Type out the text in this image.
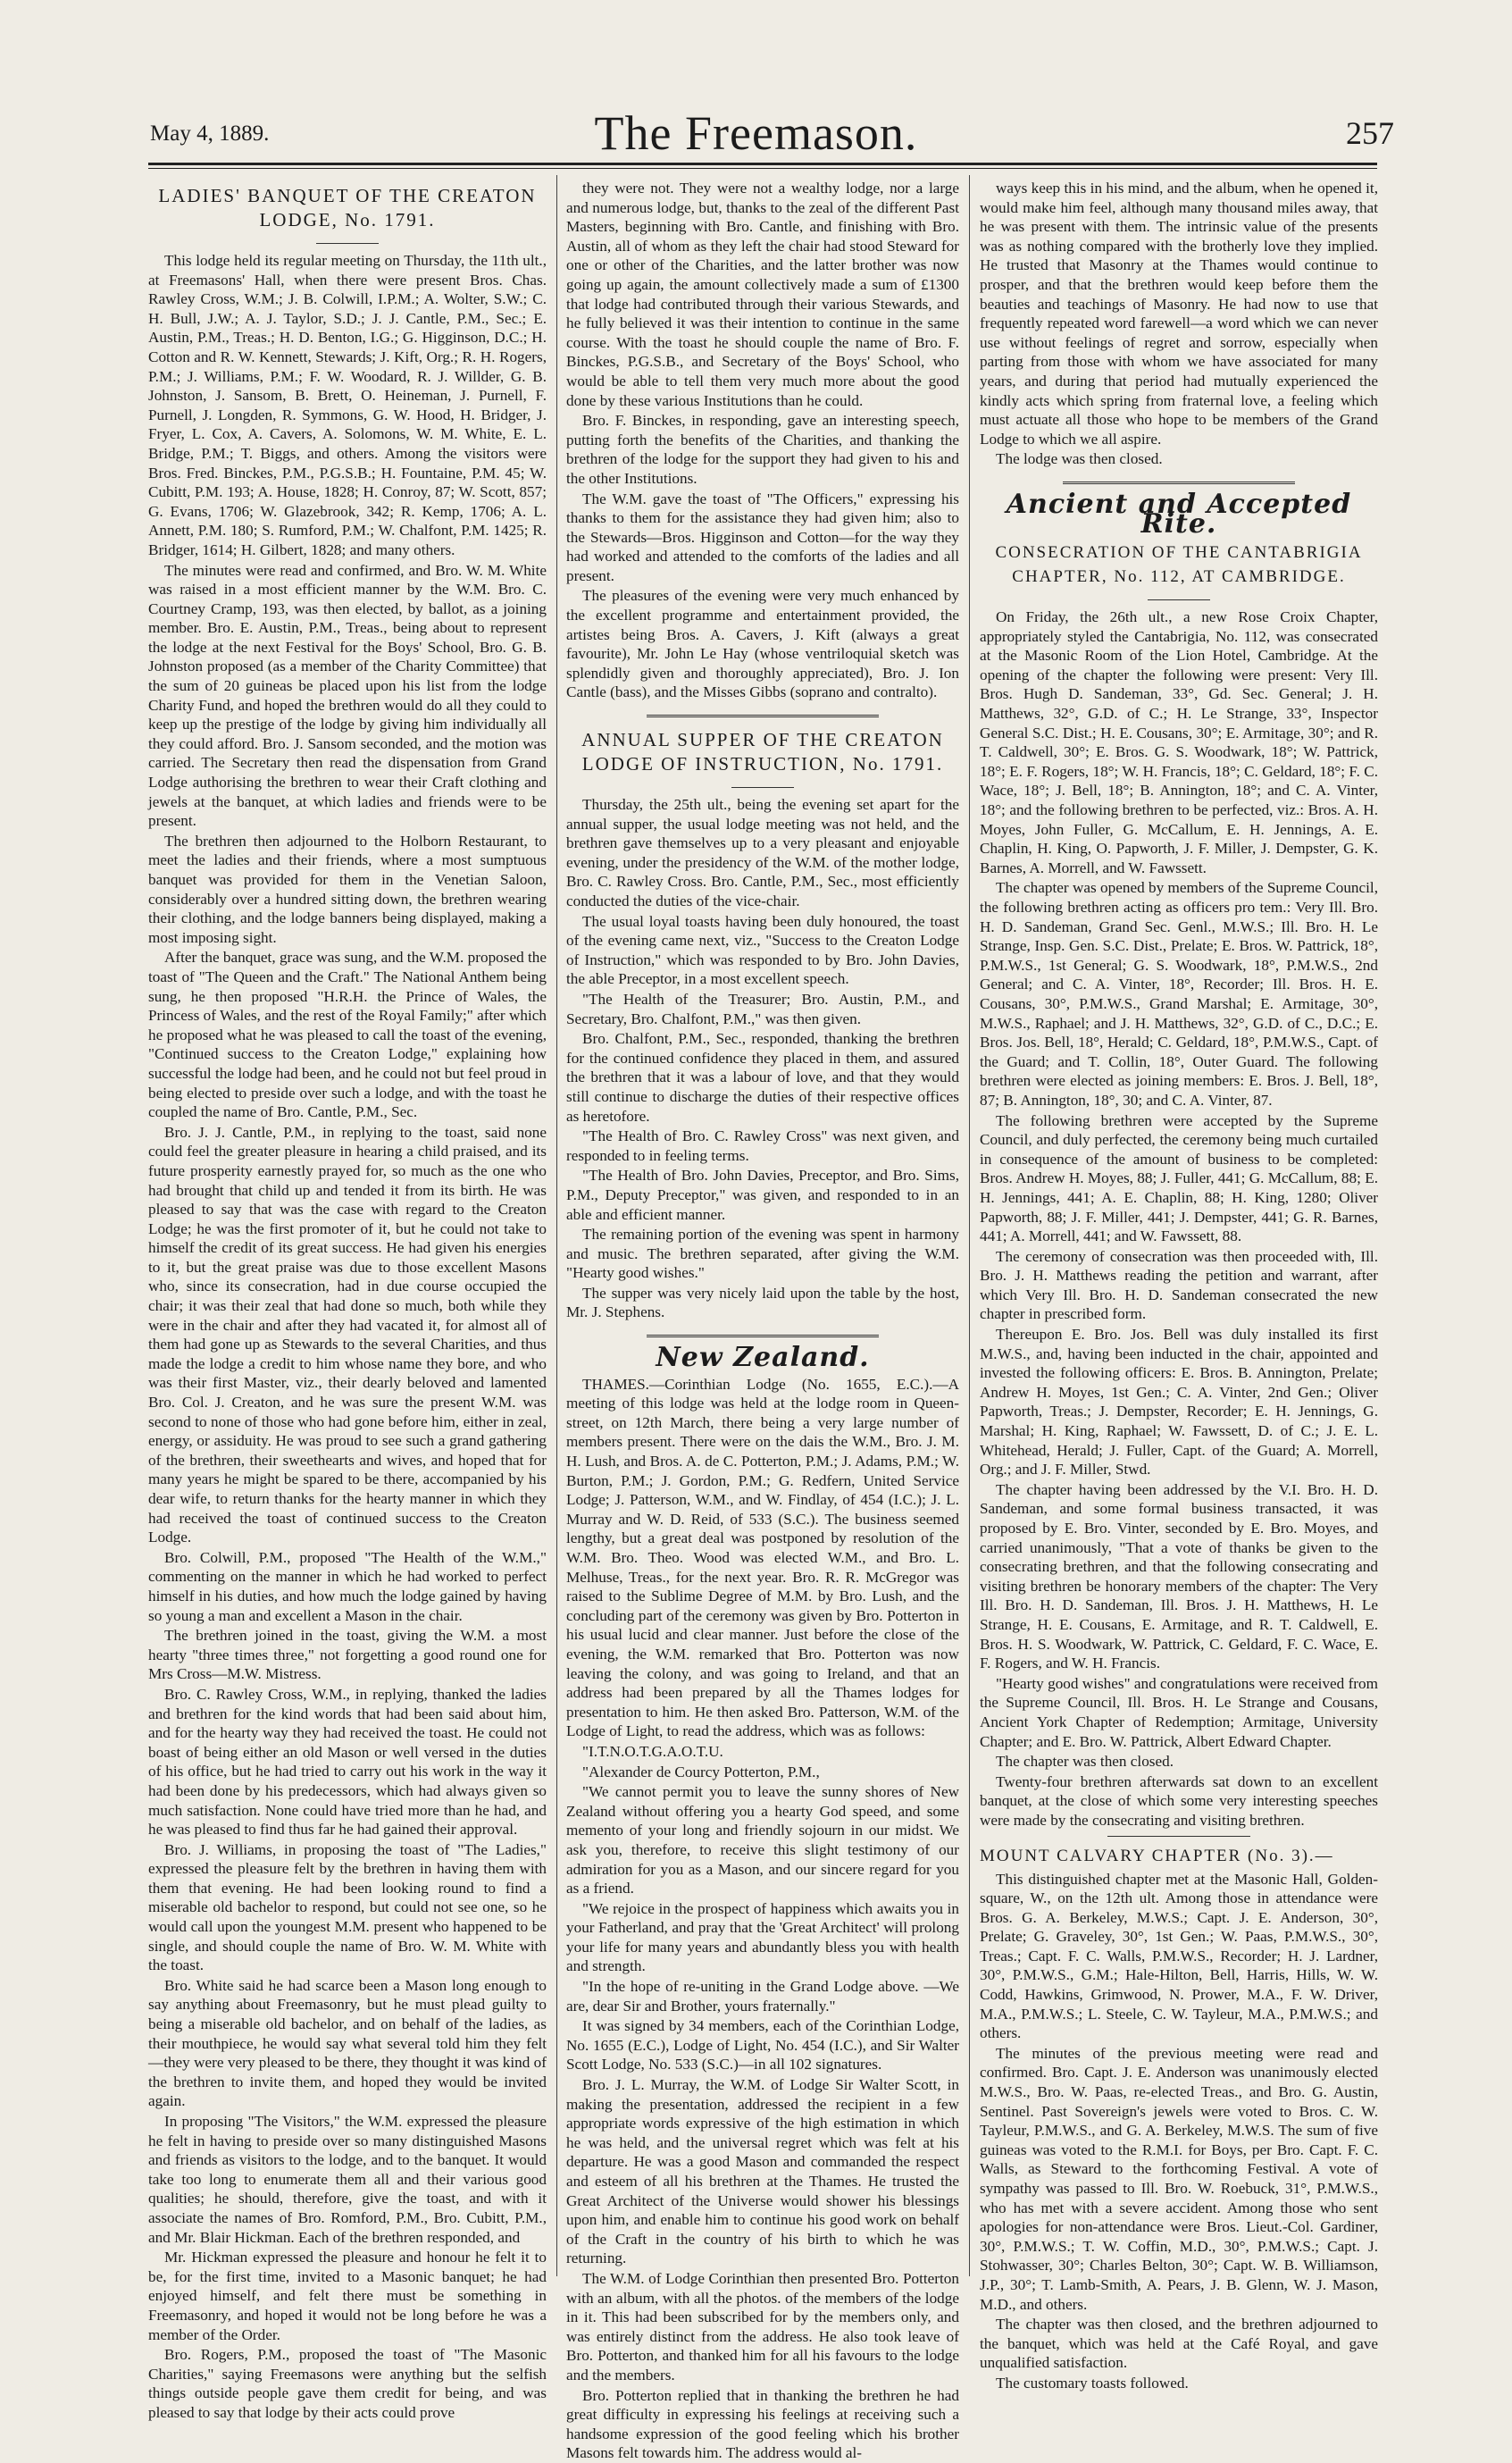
May 4, 1889.	The Freemason.	257
LADIES' BANQUET OF THE CREATON LODGE, No. 1791.

This lodge held its regular meeting on Thursday, the 11th ult., at Freemasons' Hall, when there were present Bros. Chas. Rawley Cross, W.M.; J. B. Colwill, I.P.M.; A. Wolter, S.W.; C. H. Bull, J.W.; A. J. Taylor, S.D.; J. J. Cantle, P.M., Sec.; E. Austin, P.M., Treas.; H. D. Benton, I.G.; G. Higginson, D.C.; H. Cotton and R. W. Kennett, Stewards; J. Kift, Org.; R. H. Rogers, P.M.; J. Williams, P.M.; F. W. Woodard, R. J. Willder, G. B. Johnston, J. Sansom, B. Brett, O. Heineman, J. Purnell, F. Purnell, J. Longden, R. Symmons, G. W. Hood, H. Bridger, J. Fryer, L. Cox, A. Cavers, A. Solomons, W. M. White, E. L. Bridge, P.M.; T. Biggs, and others. Among the visitors were Bros. Fred. Binckes, P.M., P.G.S.B.; H. Fountaine, P.M. 45; W. Cubitt, P.M. 193; A. House, 1828; H. Conroy, 87; W. Scott, 857; G. Evans, 1706; W. Glazebrook, 342; R. Kemp, 1706; A. L. Annett, P.M. 180; S. Rumford, P.M.; W. Chalfont, P.M. 1425; R. Bridger, 1614; H. Gilbert, 1828; and many others.

The minutes were read and confirmed, and Bro. W. M. White was raised in a most efficient manner by the W.M. Bro. C. Courtney Cramp, 193, was then elected, by ballot, as a joining member. Bro. E. Austin, P.M., Treas., being about to represent the lodge at the next Festival for the Boys' School, Bro. G. B. Johnston proposed (as a member of the Charity Committee) that the sum of 20 guineas be placed upon his list from the lodge Charity Fund, and hoped the brethren would do all they could to keep up the prestige of the lodge by giving him individually all they could afford. Bro. J. Sansom seconded, and the motion was carried. The Secretary then read the dispensation from Grand Lodge authorising the brethren to wear their Craft clothing and jewels at the banquet, at which ladies and friends were to be present.

The brethren then adjourned to the Holborn Restaurant, to meet the ladies and their friends, where a most sumptuous banquet was provided for them in the Venetian Saloon, considerably over a hundred sitting down, the brethren wearing their clothing, and the lodge banners being displayed, making a most imposing sight.

After the banquet, grace was sung, and the W.M. proposed the toast of "The Queen and the Craft." The National Anthem being sung, he then proposed "H.R.H. the Prince of Wales, the Princess of Wales, and the rest of the Royal Family;" after which he proposed what he was pleased to call the toast of the evening, "Continued success to the Creaton Lodge," explaining how successful the lodge had been, and he could not but feel proud in being elected to preside over such a lodge, and with the toast he coupled the name of Bro. Cantle, P.M., Sec.

Bro. J. J. Cantle, P.M., in replying to the toast, said none could feel the greater pleasure in hearing a child praised, and its future prosperity earnestly prayed for, so much as the one who had brought that child up and tended it from its birth. He was pleased to say that was the case with regard to the Creaton Lodge; he was the first promoter of it, but he could not take to himself the credit of its great success. He had given his energies to it, but the great praise was due to those excellent Masons who, since its consecration, had in due course occupied the chair; it was their zeal that had done so much, both while they were in the chair and after they had vacated it, for almost all of them had gone up as Stewards to the several Charities, and thus made the lodge a credit to him whose name they bore, and who was their first Master, viz., their dearly beloved and lamented Bro. Col. J. Creaton, and he was sure the present W.M. was second to none of those who had gone before him, either in zeal, energy, or assiduity. He was proud to see such a grand gathering of the brethren, their sweethearts and wives, and hoped that for many years he might be spared to be there, accompanied by his dear wife, to return thanks for the hearty manner in which they had received the toast of continued success to the Creaton Lodge.

Bro. Colwill, P.M., proposed "The Health of the W.M.," commenting on the manner in which he had worked to perfect himself in his duties, and how much the lodge gained by having so young a man and excellent a Mason in the chair.

The brethren joined in the toast, giving the W.M. a most hearty "three times three," not forgetting a good round one for Mrs Cross—M.W. Mistress.

Bro. C. Rawley Cross, W.M., in replying, thanked the ladies and brethren for the kind words that had been said about him, and for the hearty way they had received the toast. He could not boast of being either an old Mason or well versed in the duties of his office, but he had tried to carry out his work in the way it had been done by his predecessors, which had always given so much satisfaction. None could have tried more than he had, and he was pleased to find thus far he had gained their approval.

Bro. J. Williams, in proposing the toast of "The Ladies," expressed the pleasure felt by the brethren in having them with them that evening. He had been looking round to find a miserable old bachelor to respond, but could not see one, so he would call upon the youngest M.M. present who happened to be single, and should couple the name of Bro. W. M. White with the toast.

Bro. White said he had scarce been a Mason long enough to say anything about Freemasonry, but he must plead guilty to being a miserable old bachelor, and on behalf of the ladies, as their mouthpiece, he would say what several told him they felt—they were very pleased to be there, they thought it was kind of the brethren to invite them, and hoped they would be invited again.

In proposing "The Visitors," the W.M. expressed the pleasure he felt in having to preside over so many distinguished Masons and friends as visitors to the lodge, and to the banquet. It would take too long to enumerate them all and their various good qualities; he should, therefore, give the toast, and with it associate the names of Bro. Romford, P.M., Bro. Cubitt, P.M., and Mr. Blair Hickman. Each of the brethren responded, and

Mr. Hickman expressed the pleasure and honour he felt it to be, for the first time, invited to a Masonic banquet; he had enjoyed himself, and felt there must be something in Freemasonry, and hoped it would not be long before he was a member of the Order.

Bro. Rogers, P.M., proposed the toast of "The Masonic Charities," saying Freemasons were anything but the selfish things outside people gave them credit for being, and was pleased to say that lodge by their acts could prove

they were not. They were not a wealthy lodge, nor a large and numerous lodge, but, thanks to the zeal of the different Past Masters, beginning with Bro. Cantle, and finishing with Bro. Austin, all of whom as they left the chair had stood Steward for one or other of the Charities, and the latter brother was now going up again, the amount collectively made a sum of £1300 that lodge had contributed through their various Stewards, and he fully believed it was their intention to continue in the same course. With the toast he should couple the name of Bro. F. Binckes, P.G.S.B., and Secretary of the Boys' School, who would be able to tell them very much more about the good done by these various Institutions than he could.

Bro. F. Binckes, in responding, gave an interesting speech, putting forth the benefits of the Charities, and thanking the brethren of the lodge for the support they had given to his and the other Institutions.

The W.M. gave the toast of "The Officers," expressing his thanks to them for the assistance they had given him; also to the Stewards—Bros. Higginson and Cotton—for the way they had worked and attended to the comforts of the ladies and all present.

The pleasures of the evening were very much enhanced by the excellent programme and entertainment provided, the artistes being Bros. A. Cavers, J. Kift (always a great favourite), Mr. John Le Hay (whose ventriloquial sketch was splendidly given and thoroughly appreciated), Bro. J. Ion Cantle (bass), and the Misses Gibbs (soprano and contralto).

ANNUAL SUPPER OF THE CREATON LODGE OF INSTRUCTION, No. 1791.

Thursday, the 25th ult., being the evening set apart for the annual supper, the usual lodge meeting was not held, and the brethren gave themselves up to a very pleasant and enjoyable evening, under the presidency of the W.M. of the mother lodge, Bro. C. Rawley Cross. Bro. Cantle, P.M., Sec., most efficiently conducted the duties of the vice-chair.

The usual loyal toasts having been duly honoured, the toast of the evening came next, viz., "Success to the Creaton Lodge of Instruction," which was responded to by Bro. John Davies, the able Preceptor, in a most excellent speech.

"The Health of the Treasurer; Bro. Austin, P.M., and Secretary, Bro. Chalfont, P.M.," was then given.

Bro. Chalfont, P.M., Sec., responded, thanking the brethren for the continued confidence they placed in them, and assured the brethren that it was a labour of love, and that they would still continue to discharge the duties of their respective offices as heretofore.

"The Health of Bro. C. Rawley Cross" was next given, and responded to in feeling terms.

"The Health of Bro. John Davies, Preceptor, and Bro. Sims, P.M., Deputy Preceptor," was given, and responded to in an able and efficient manner.

The remaining portion of the evening was spent in harmony and music. The brethren separated, after giving the W.M. "Hearty good wishes."

The supper was very nicely laid upon the table by the host, Mr. J. Stephens.

New Zealand.

THAMES.—Corinthian Lodge (No. 1655, E.C.).—A meeting of this lodge was held at the lodge room in Queen-street, on 12th March, there being a very large number of members present. There were on the dais the W.M., Bro. J. M. H. Lush, and Bros. A. de C. Potterton, P.M.; J. Adams, P.M.; W. Burton, P.M.; J. Gordon, P.M.; G. Redfern, United Service Lodge; J. Patterson, W.M., and W. Findlay, of 454 (I.C.); J. L. Murray and W. D. Reid, of 533 (S.C.). The business seemed lengthy, but a great deal was postponed by resolution of the W.M. Bro. Theo. Wood was elected W.M., and Bro. L. Melhuse, Treas., for the next year. Bro. R. R. McGregor was raised to the Sublime Degree of M.M. by Bro. Lush, and the concluding part of the ceremony was given by Bro. Potterton in his usual lucid and clear manner. Just before the close of the evening, the W.M. remarked that Bro. Potterton was now leaving the colony, and was going to Ireland, and that an address had been prepared by all the Thames lodges for presentation to him. He then asked Bro. Patterson, W.M. of the Lodge of Light, to read the address, which was as follows:

"I.T.N.O.T.G.A.O.T.U.

"Alexander de Courcy Potterton, P.M.,

"We cannot permit you to leave the sunny shores of New Zealand without offering you a hearty God speed, and some memento of your long and friendly sojourn in our midst. We ask you, therefore, to receive this slight testimony of our admiration for you as a Mason, and our sincere regard for you as a friend.

"We rejoice in the prospect of happiness which awaits you in your Fatherland, and pray that the 'Great Architect' will prolong your life for many years and abundantly bless you with health and strength.

"In the hope of re-uniting in the Grand Lodge above. —We are, dear Sir and Brother, yours fraternally."

It was signed by 34 members, each of the Corinthian Lodge, No. 1655 (E.C.), Lodge of Light, No. 454 (I.C.), and Sir Walter Scott Lodge, No. 533 (S.C.)—in all 102 signatures.

Bro. J. L. Murray, the W.M. of Lodge Sir Walter Scott, in making the presentation, addressed the recipient in a few appropriate words expressive of the high estimation in which he was held, and the universal regret which was felt at his departure. He was a good Mason and commanded the respect and esteem of all his brethren at the Thames. He trusted the Great Architect of the Universe would shower his blessings upon him, and enable him to continue his good work on behalf of the Craft in the country of his birth to which he was returning.

The W.M. of Lodge Corinthian then presented Bro. Potterton with an album, with all the photos. of the members of the lodge in it. This had been subscribed for by the members only, and was entirely distinct from the address. He also took leave of Bro. Potterton, and thanked him for all his favours to the lodge and the members.

Bro. Potterton replied that in thanking the brethren he had great difficulty in expressing his feelings at receiving such a handsome expression of the good feeling which his brother Masons felt towards him. The address would al-

ways keep this in his mind, and the album, when he opened it, would make him feel, although many thousand miles away, that he was present with them. The intrinsic value of the presents was as nothing compared with the brotherly love they implied. He trusted that Masonry at the Thames would continue to prosper, and that the brethren would keep before them the beauties and teachings of Masonry. He had now to use that frequently repeated word farewell—a word which we can never use without feelings of regret and sorrow, especially when parting from those with whom we have associated for many years, and during that period had mutually experienced the kindly acts which spring from fraternal love, a feeling which must actuate all those who hope to be members of the Grand Lodge to which we all aspire.

The lodge was then closed.

Ancient and Accepted Rite.
CONSECRATION OF THE CANTABRIGIA CHAPTER, No. 112, AT CAMBRIDGE.

On Friday, the 26th ult., a new Rose Croix Chapter, appropriately styled the Cantabrigia, No. 112, was consecrated at the Masonic Room of the Lion Hotel, Cambridge. At the opening of the chapter the following were present: Very Ill. Bros. Hugh D. Sandeman, 33°, Gd. Sec. General; J. H. Matthews, 32°, G.D. of C.; H. Le Strange, 33°, Inspector General S.C. Dist.; H. E. Cousans, 30°; E. Armitage, 30°; and R. T. Caldwell, 30°; E. Bros. G. S. Woodwark, 18°; W. Pattrick, 18°; E. F. Rogers, 18°; W. H. Francis, 18°; C. Geldard, 18°; F. C. Wace, 18°; J. Bell, 18°; B. Annington, 18°; and C. A. Vinter, 18°; and the following brethren to be perfected, viz.: Bros. A. H. Moyes, John Fuller, G. McCallum, E. H. Jennings, A. E. Chaplin, H. King, O. Papworth, J. F. Miller, J. Dempster, G. K. Barnes, A. Morrell, and W. Fawssett.

The chapter was opened by members of the Supreme Council, the following brethren acting as officers pro tem.: Very Ill. Bro. H. D. Sandeman, Grand Sec. Genl., M.W.S.; Ill. Bro. H. Le Strange, Insp. Gen. S.C. Dist., Prelate; E. Bros. W. Pattrick, 18°, P.M.W.S., 1st General; G. S. Woodwark, 18°, P.M.W.S., 2nd General; and C. A. Vinter, 18°, Recorder; Ill. Bros. H. E. Cousans, 30°, P.M.W.S., Grand Marshal; E. Armitage, 30°, M.W.S., Raphael; and J. H. Matthews, 32°, G.D. of C., D.C.; E. Bros. Jos. Bell, 18°, Herald; C. Geldard, 18°, P.M.W.S., Capt. of the Guard; and T. Collin, 18°, Outer Guard. The following brethren were elected as joining members: E. Bros. J. Bell, 18°, 87; B. Annington, 18°, 30; and C. A. Vinter, 87.

The following brethren were accepted by the Supreme Council, and duly perfected, the ceremony being much curtailed in consequence of the amount of business to be completed: Bros. Andrew H. Moyes, 88; J. Fuller, 441; G. McCallum, 88; E. H. Jennings, 441; A. E. Chaplin, 88; H. King, 1280; Oliver Papworth, 88; J. F. Miller, 441; J. Dempster, 441; G. R. Barnes, 441; A. Morrell, 441; and W. Fawssett, 88.

The ceremony of consecration was then proceeded with, Ill. Bro. J. H. Matthews reading the petition and warrant, after which Very Ill. Bro. H. D. Sandeman consecrated the new chapter in prescribed form.

Thereupon E. Bro. Jos. Bell was duly installed its first M.W.S., and, having been inducted in the chair, appointed and invested the following officers: E. Bros. B. Annington, Prelate; Andrew H. Moyes, 1st Gen.; C. A. Vinter, 2nd Gen.; Oliver Papworth, Treas.; J. Dempster, Recorder; E. H. Jennings, G. Marshal; H. King, Raphael; W. Fawssett, D. of C.; J. E. L. Whitehead, Herald; J. Fuller, Capt. of the Guard; A. Morrell, Org.; and J. F. Miller, Stwd.

The chapter having been addressed by the V.I. Bro. H. D. Sandeman, and some formal business transacted, it was proposed by E. Bro. Vinter, seconded by E. Bro. Moyes, and carried unanimously, "That a vote of thanks be given to the consecrating brethren, and that the following consecrating and visiting brethren be honorary members of the chapter: The Very Ill. Bro. H. D. Sandeman, Ill. Bros. J. H. Matthews, H. Le Strange, H. E. Cousans, E. Armitage, and R. T. Caldwell, E. Bros. H. S. Woodwark, W. Pattrick, C. Geldard, F. C. Wace, E. F. Rogers, and W. H. Francis.

"Hearty good wishes" and congratulations were received from the Supreme Council, Ill. Bros. H. Le Strange and Cousans, Ancient York Chapter of Redemption; Armitage, University Chapter; and E. Bro. W. Pattrick, Albert Edward Chapter.

The chapter was then closed.

Twenty-four brethren afterwards sat down to an excellent banquet, at the close of which some very interesting speeches were made by the consecrating and visiting brethren.

MOUNT CALVARY CHAPTER (No. 3).—

This distinguished chapter met at the Masonic Hall, Golden-square, W., on the 12th ult. Among those in attendance were Bros. G. A. Berkeley, M.W.S.; Capt. J. E. Anderson, 30°, Prelate; G. Graveley, 30°, 1st Gen.; W. Paas, P.M.W.S., 30°, Treas.; Capt. F. C. Walls, P.M.W.S., Recorder; H. J. Lardner, 30°, P.M.W.S., G.M.; Hale-Hilton, Bell, Harris, Hills, W. W. Codd, Hawkins, Grimwood, N. Prower, M.A., F. W. Driver, M.A., P.M.W.S.; L. Steele, C. W. Tayleur, M.A., P.M.W.S.; and others.

The minutes of the previous meeting were read and confirmed. Bro. Capt. J. E. Anderson was unanimously elected M.W.S., Bro. W. Paas, re-elected Treas., and Bro. G. Austin, Sentinel. Past Sovereign's jewels were voted to Bros. C. W. Tayleur, P.M.W.S., and G. A. Berkeley, M.W.S. The sum of five guineas was voted to the R.M.I. for Boys, per Bro. Capt. F. C. Walls, as Steward to the forthcoming Festival. A vote of sympathy was passed to Ill. Bro. W. Roebuck, 31°, P.M.W.S., who has met with a severe accident. Among those who sent apologies for non-attendance were Bros. Lieut.-Col. Gardiner, 30°, P.M.W.S.; T. W. Coffin, M.D., 30°, P.M.W.S.; Capt. J. Stohwasser, 30°; Charles Belton, 30°; Capt. W. B. Williamson, J.P., 30°; T. Lamb-Smith, A. Pears, J. B. Glenn, W. J. Mason, M.D., and others.

The chapter was then closed, and the brethren adjourned to the banquet, which was held at the Café Royal, and gave unqualified satisfaction.

The customary toasts followed.
